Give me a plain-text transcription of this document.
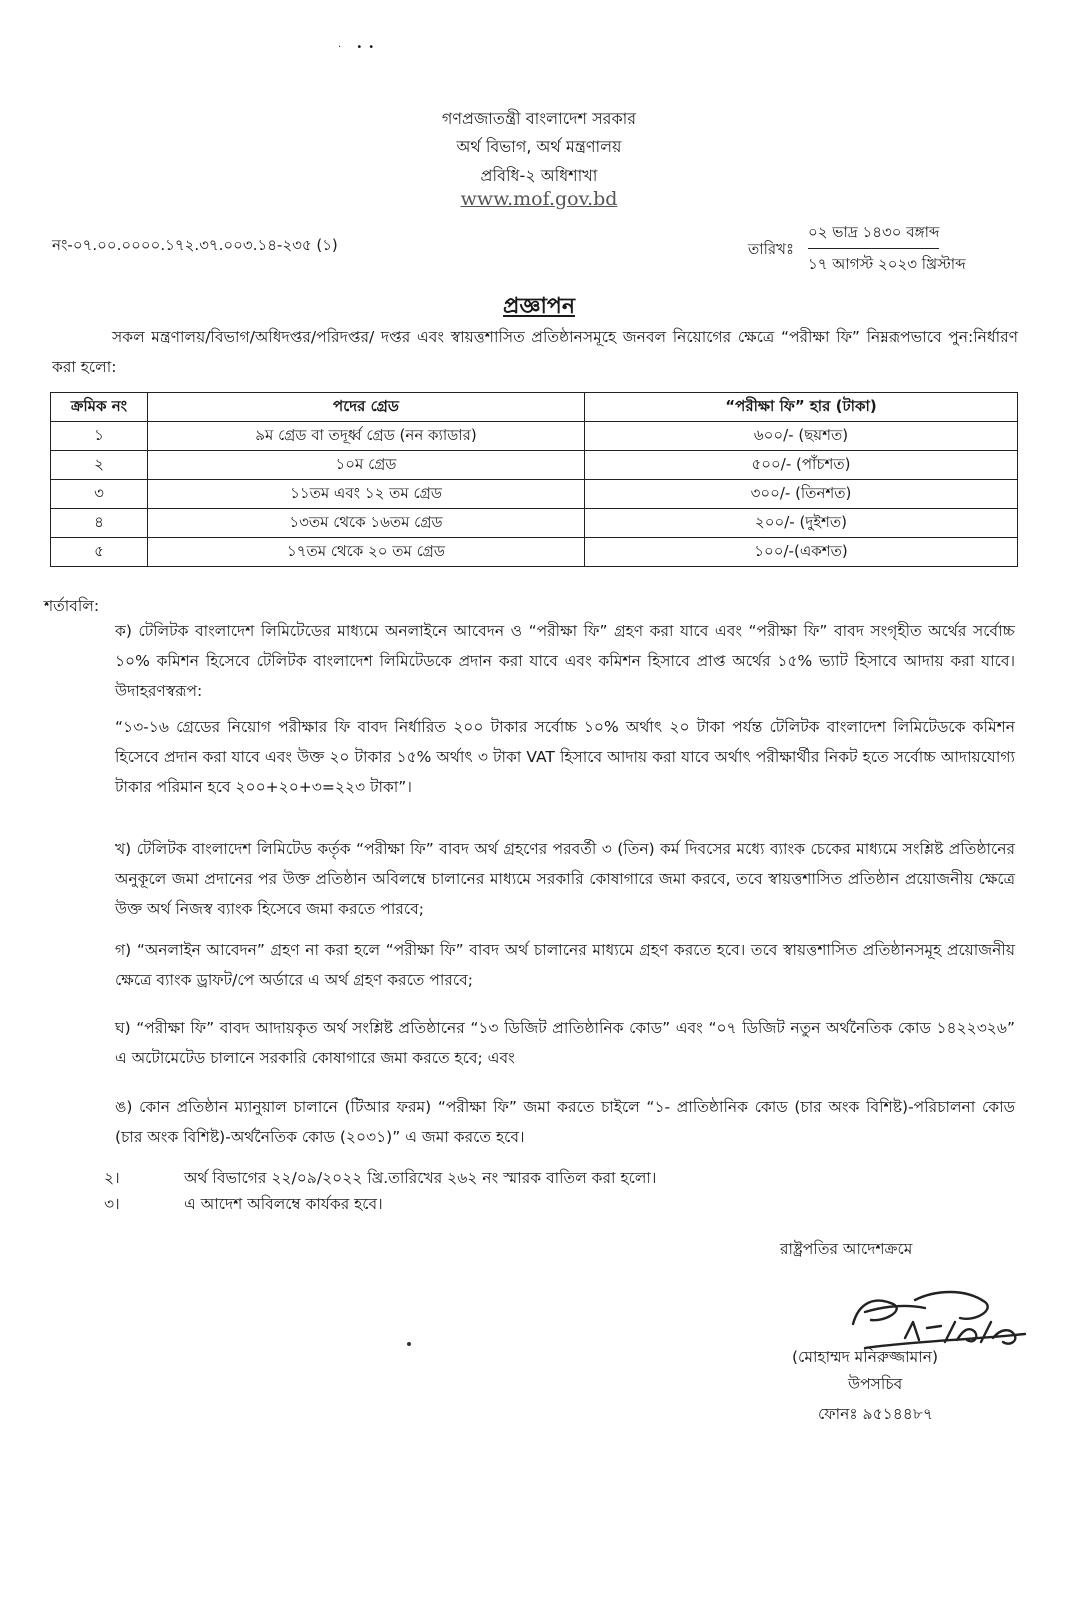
· ••
গণপ্রজাতন্ত্রী বাংলাদেশ সরকার
অর্থ বিভাগ, অর্থ মন্ত্রণালয়
প্রবিধি-২ অধিশাখা
www.mof.gov.bd
নং-০৭.০০.০০০০.১৭২.৩৭.০০৩.১৪-২৩৫ (১)	তারিখঃ
০২ ভাদ্র ১৪৩০ বঙ্গাব্দ
১৭ আগস্ট ২০২৩ খ্রিস্টাব্দ
প্রজ্ঞাপন
সকল মন্ত্রণালয়/বিভাগ/অধিদপ্তর/পরিদপ্তর/ দপ্তর এবং স্বায়ত্তশাসিত প্রতিষ্ঠানসমূহে জনবল নিয়োগের ক্ষেত্রে “পরীক্ষা ফি” নিম্নরূপভাবে পুন:নির্ধারণ করা হলো:
ক্রমিক নং	পদের গ্রেড	“পরীক্ষা ফি” হার (টাকা)
১	৯ম গ্রেড বা তদূর্ধ্ব গ্রেড (নন ক্যাডার)	৬০০/- (ছয়শত)
২	১০ম গ্রেড	৫০০/- (পাঁচশত)
৩	১১তম এবং ১২ তম গ্রেড	৩০০/- (তিনশত)
৪	১৩তম থেকে ১৬তম গ্রেড	২০০/- (দুইশত)
৫	১৭তম থেকে ২০ তম গ্রেড	১০০/-(একশত)
শর্তাবলি:
ক) টেলিটক বাংলাদেশ লিমিটেডের মাধ্যমে অনলাইনে আবেদন ও “পরীক্ষা ফি” গ্রহণ করা যাবে এবং “পরীক্ষা ফি” বাবদ সংগৃহীত অর্থের সর্বোচ্চ ১০% কমিশন হিসেবে টেলিটক বাংলাদেশ লিমিটেডকে প্রদান করা যাবে এবং কমিশন হিসাবে প্রাপ্ত অর্থের ১৫% ভ্যাট হিসাবে আদায় করা যাবে। উদাহরণস্বরূপ:
“১৩-১৬ গ্রেডের নিয়োগ পরীক্ষার ফি বাবদ নির্ধারিত ২০০ টাকার সর্বোচ্চ ১০% অর্থাৎ ২০ টাকা পর্যন্ত টেলিটক বাংলাদেশ লিমিটেডকে কমিশন হিসেবে প্রদান করা যাবে এবং উক্ত ২০ টাকার ১৫% অর্থাৎ ৩ টাকা VAT হিসাবে আদায় করা যাবে অর্থাৎ পরীক্ষার্থীর নিকট হতে সর্বোচ্চ আদায়যোগ্য টাকার পরিমান হবে ২০০+২০+৩=২২৩ টাকা”।
খ) টেলিটক বাংলাদেশ লিমিটেড কর্তৃক “পরীক্ষা ফি” বাবদ অর্থ গ্রহণের পরবর্তী ৩ (তিন) কর্ম দিবসের মধ্যে ব্যাংক চেকের মাধ্যমে সংশ্লিষ্ট প্রতিষ্ঠানের অনুকূলে জমা প্রদানের পর উক্ত প্রতিষ্ঠান অবিলম্বে চালানের মাধ্যমে সরকারি কোষাগারে জমা করবে, তবে স্বায়ত্তশাসিত প্রতিষ্ঠান প্রয়োজনীয় ক্ষেত্রে উক্ত অর্থ নিজস্ব ব্যাংক হিসেবে জমা করতে পারবে;
গ) “অনলাইন আবেদন” গ্রহণ না করা হলে “পরীক্ষা ফি” বাবদ অর্থ চালানের মাধ্যমে গ্রহণ করতে হবে। তবে স্বায়ত্তশাসিত প্রতিষ্ঠানসমূহ প্রয়োজনীয় ক্ষেত্রে ব্যাংক ড্রাফট/পে অর্ডারে এ অর্থ গ্রহণ করতে পারবে;
ঘ) “পরীক্ষা ফি” বাবদ আদায়কৃত অর্থ সংশ্লিষ্ট প্রতিষ্ঠানের “১৩ ডিজিট প্রাতিষ্ঠানিক কোড” এবং “০৭ ডিজিট নতুন অর্থনৈতিক কোড ১৪২২৩২৬” এ অটোমেটেড চালানে সরকারি কোষাগারে জমা করতে হবে; এবং
ঙ) কোন প্রতিষ্ঠান ম্যানুয়াল চালানে (টিআর ফরম) “পরীক্ষা ফি” জমা করতে চাইলে “১- প্রাতিষ্ঠানিক কোড (চার অংক বিশিষ্ট)-পরিচালনা কোড (চার অংক বিশিষ্ট)-অর্থনৈতিক কোড (২০৩১)” এ জমা করতে হবে।
২।	অর্থ বিভাগের ২২/০৯/২০২২ খ্রি.তারিখের ২৬২ নং স্মারক বাতিল করা হলো।
৩।	এ আদেশ অবিলম্বে কার্যকর হবে।
রাষ্ট্রপতির আদেশক্রমে
(মোহাম্মদ মনিরুজ্জামান)
উপসচিব
ফোনঃ ৯৫১৪৪৮৭
